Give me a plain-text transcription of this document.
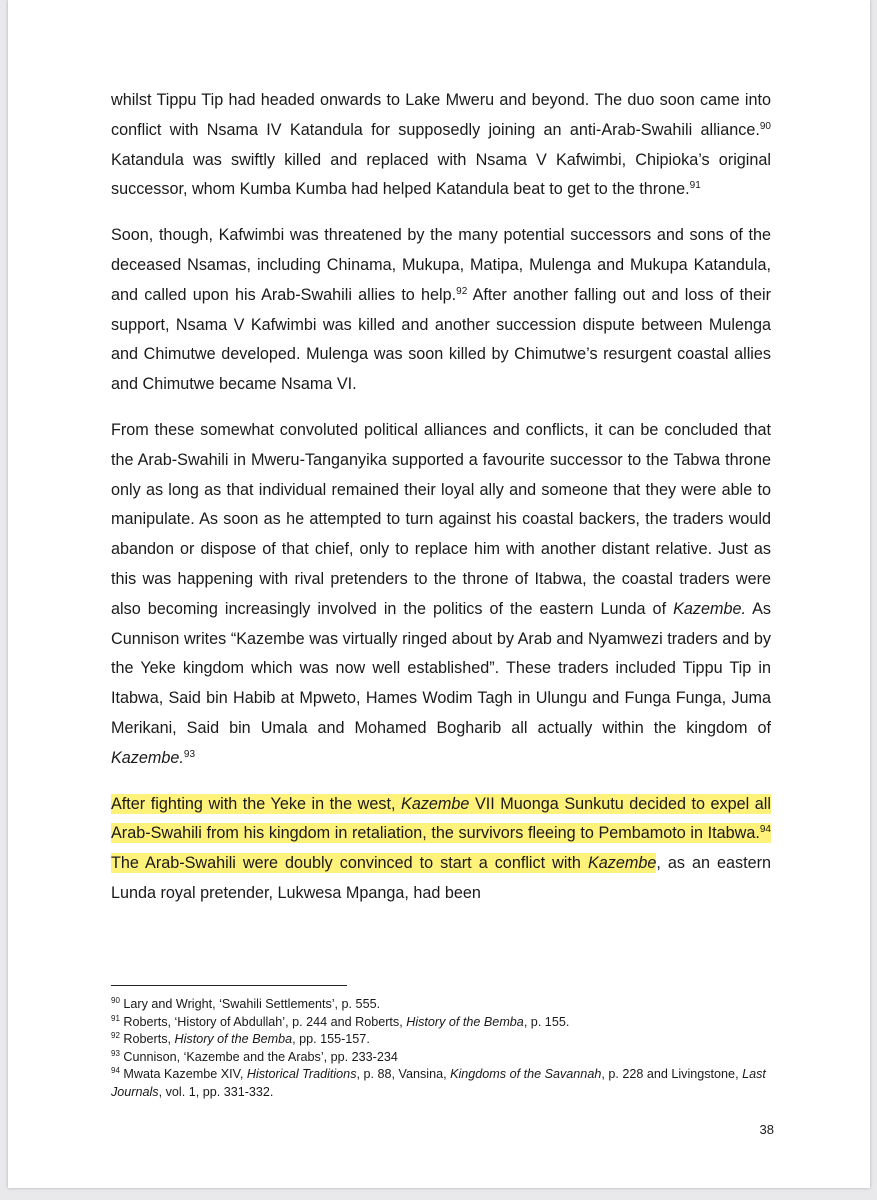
whilst Tippu Tip had headed onwards to Lake Mweru and beyond. The duo soon came into conflict with Nsama IV Katandula for supposedly joining an anti-Arab-Swahili alliance.$^{90}$ Katandula was swiftly killed and replaced with Nsama V Kafwimbi, Chipioka’s original successor, whom Kumba Kumba had helped Katandula beat to get to the throne.$^{91}$

Soon, though, Kafwimbi was threatened by the many potential successors and sons of the deceased Nsamas, including Chinama, Mukupa, Matipa, Mulenga and Mukupa Katandula, and called upon his Arab-Swahili allies to help.$^{92}$ After another falling out and loss of their support, Nsama V Kafwimbi was killed and another succession dispute between Mulenga and Chimutwe developed. Mulenga was soon killed by Chimutwe’s resurgent coastal allies and Chimutwe became Nsama VI.

From these somewhat convoluted political alliances and conflicts, it can be concluded that the Arab-Swahili in Mweru-Tanganyika supported a favourite successor to the Tabwa throne only as long as that individual remained their loyal ally and someone that they were able to manipulate. As soon as he attempted to turn against his coastal backers, the traders would abandon or dispose of that chief, only to replace him with another distant relative. Just as this was happening with rival pretenders to the throne of Itabwa, the coastal traders were also becoming increasingly involved in the politics of the eastern Lunda of Kazembe. As Cunnison writes “Kazembe was virtually ringed about by Arab and Nyamwezi traders and by the Yeke kingdom which was now well established”. These traders included Tippu Tip in Itabwa, Said bin Habib at Mpweto, Hames Wodim Tagh in Ulungu and Funga Funga, Juma Merikani, Said bin Umala and Mohamed Bogharib all actually within the kingdom of Kazembe.$^{93}$

After fighting with the Yeke in the west, Kazembe VII Muonga Sunkutu decided to expel all Arab-Swahili from his kingdom in retaliation, the survivors fleeing to Pembamoto in Itabwa.$^{94}$ The Arab-Swahili were doubly convinced to start a conflict with Kazembe, as an eastern Lunda royal pretender, Lukwesa Mpanga, had been

$^{90}$ Lary and Wright, ‘Swahili Settlements’, p. 555.

$^{91}$ Roberts, ‘History of Abdullah’, p. 244 and Roberts, History of the Bemba, p. 155.

$^{92}$ Roberts, History of the Bemba, pp. 155-157.

$^{93}$ Cunnison, ‘Kazembe and the Arabs’, pp. 233-234

$^{94}$ Mwata Kazembe XIV, Historical Traditions, p. 88, Vansina, Kingdoms of the Savannah, p. 228 and Livingstone, Last Journals, vol. 1, pp. 331-332.

38
